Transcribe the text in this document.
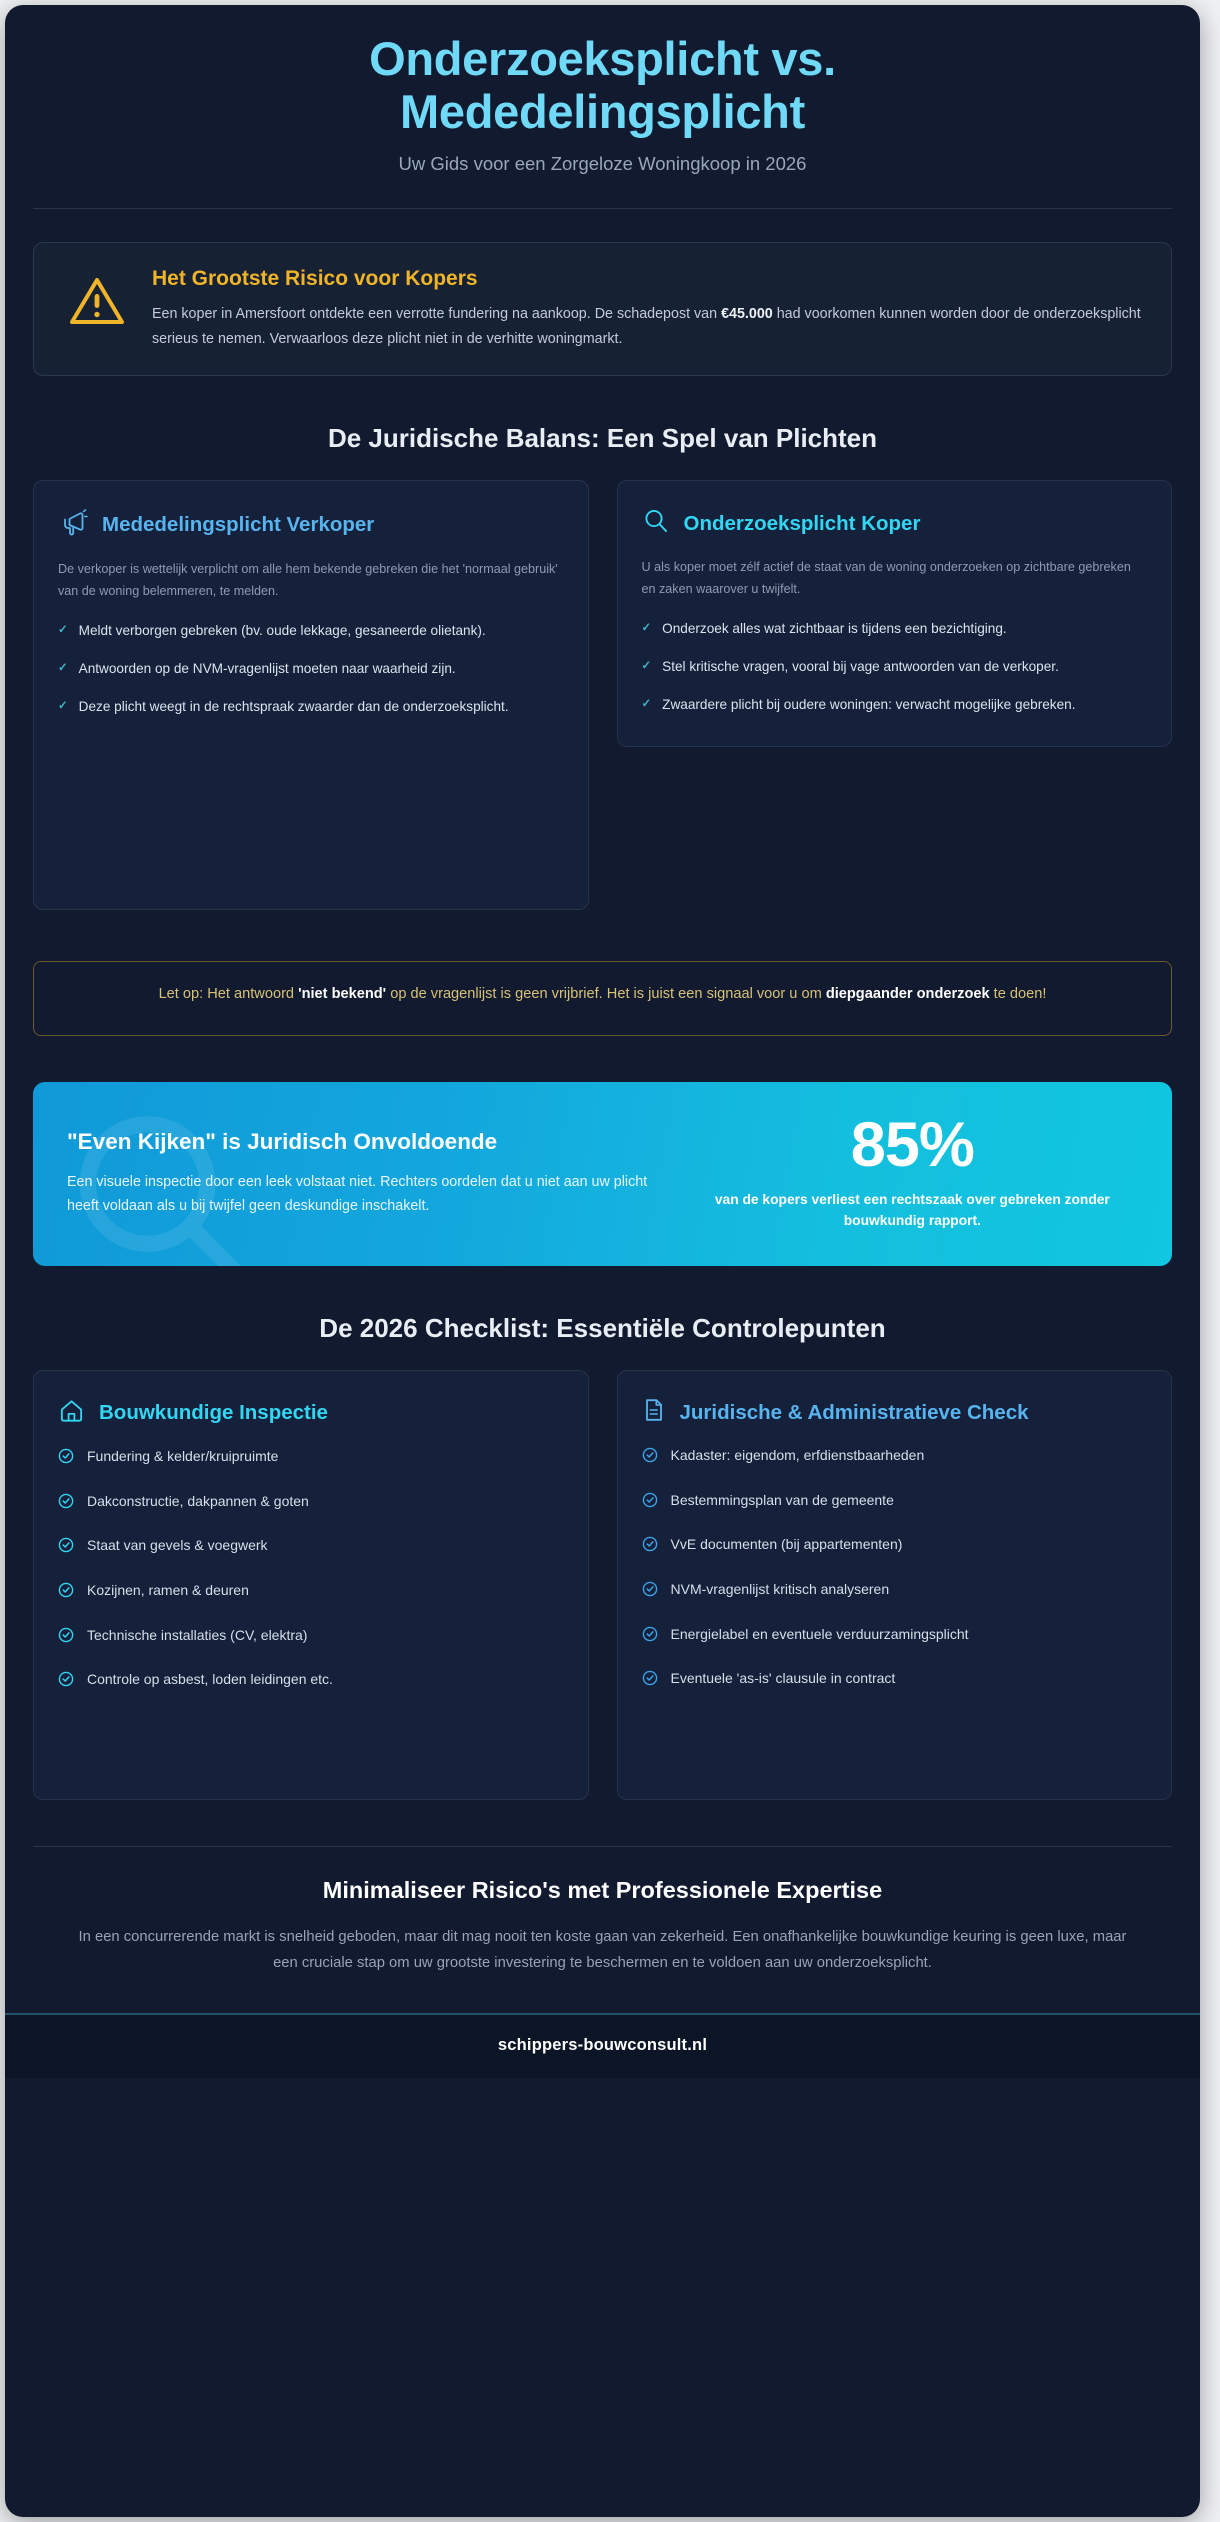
Onderzoeksplicht vs.
Mededelingsplicht
Uw Gids voor een Zorgeloze Woningkoop in 2026
Het Grootste Risico voor Kopers
Een koper in Amersfoort ontdekte een verrotte fundering na aankoop. De schadepost van €45.000 had voorkomen kunnen worden door de onderzoeksplicht serieus te nemen. Verwaarloos deze plicht niet in de verhitte woningmarkt.
De Juridische Balans: Een Spel van Plichten
Mededelingsplicht Verkoper
De verkoper is wettelijk verplicht om alle hem bekende gebreken die het 'normaal gebruik' van de woning belemmeren, te melden.
✓ Meldt verborgen gebreken (bv. oude lekkage, gesaneerde olietank).
✓ Antwoorden op de NVM-vragenlijst moeten naar waarheid zijn.
✓ Deze plicht weegt in de rechtspraak zwaarder dan de onderzoeksplicht.
Onderzoeksplicht Koper
U als koper moet zélf actief de staat van de woning onderzoeken op zichtbare gebreken en zaken waarover u twijfelt.
✓ Onderzoek alles wat zichtbaar is tijdens een bezichtiging.
✓ Stel kritische vragen, vooral bij vage antwoorden van de verkoper.
✓ Zwaardere plicht bij oudere woningen: verwacht mogelijke gebreken.
Let op: Het antwoord 'niet bekend' op de vragenlijst is geen vrijbrief. Het is juist een signaal voor u om diepgaander onderzoek te doen!
"Even Kijken" is Juridisch Onvoldoende
Een visuele inspectie door een leek volstaat niet. Rechters oordelen dat u niet aan uw plicht heeft voldaan als u bij twijfel geen deskundige inschakelt.
85%
van de kopers verliest een rechtszaak over gebreken zonder bouwkundig rapport.
De 2026 Checklist: Essentiële Controlepunten
Bouwkundige Inspectie
Fundering & kelder/kruipruimte
Dakconstructie, dakpannen & goten
Staat van gevels & voegwerk
Kozijnen, ramen & deuren
Technische installaties (CV, elektra)
Controle op asbest, loden leidingen etc.
Juridische & Administratieve Check
Kadaster: eigendom, erfdienstbaarheden
Bestemmingsplan van de gemeente
VvE documenten (bij appartementen)
NVM-vragenlijst kritisch analyseren
Energielabel en eventuele verduurzamingsplicht
Eventuele 'as-is' clausule in contract
Minimaliseer Risico's met Professionele Expertise
In een concurrerende markt is snelheid geboden, maar dit mag nooit ten koste gaan van zekerheid. Een onafhankelijke bouwkundige keuring is geen luxe, maar een cruciale stap om uw grootste investering te beschermen en te voldoen aan uw onderzoeksplicht.
schippers-bouwconsult.nl
